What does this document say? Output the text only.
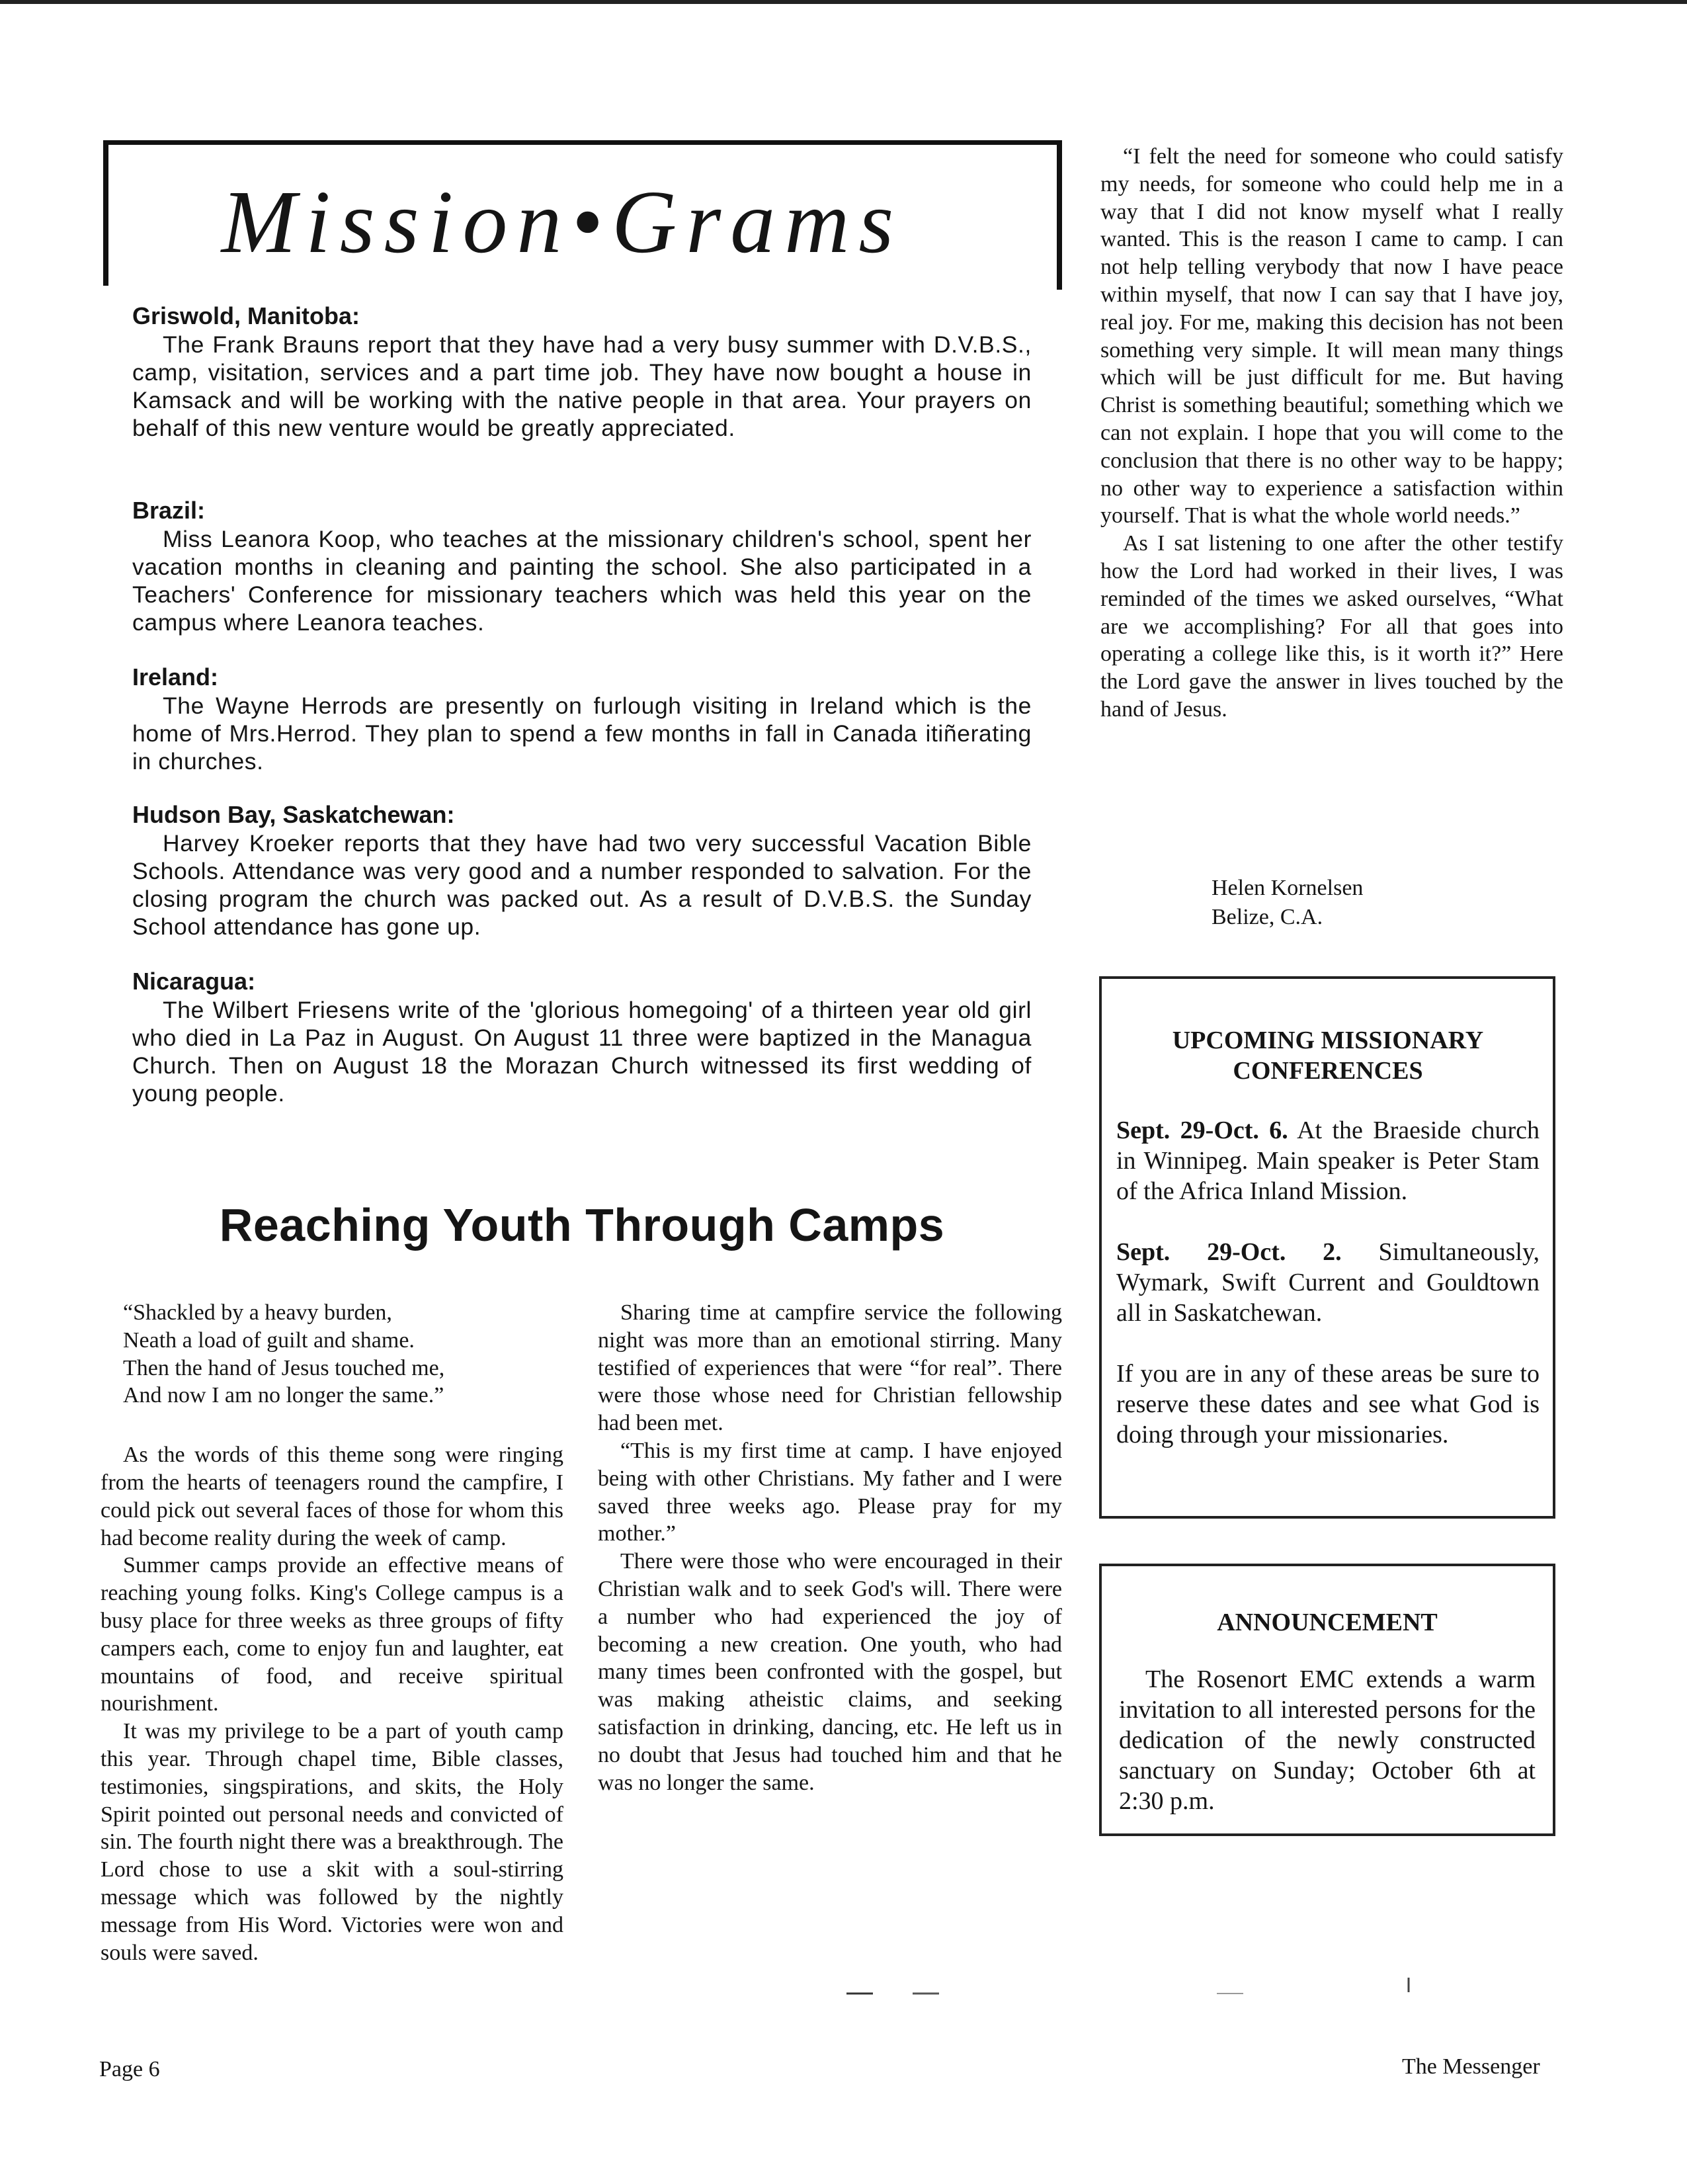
Mission•Grams
Griswold, Manitoba:
The Frank Brauns report that they have had a very busy summer with D.V.B.S., camp, visitation, services and a part time job. They have now bought a house in Kamsack and will be working with the native people in that area. Your prayers on behalf of this new venture would be greatly appreciated.
Brazil:
Miss Leanora Koop, who teaches at the missionary children's school, spent her vacation months in cleaning and painting the school. She also participated in a Teachers' Conference for missionary teachers which was held this year on the campus where Leanora teaches.
Ireland:
The Wayne Herrods are presently on furlough visiting in Ireland which is the home of Mrs.Herrod. They plan to spend a few months in fall in Canada itiñerating in churches.
Hudson Bay, Saskatchewan:
Harvey Kroeker reports that they have had two very successful Vacation Bible Schools. Attendance was very good and a number responded to salvation. For the closing program the church was packed out. As a result of D.V.B.S. the Sunday School attendance has gone up.
Nicaragua:
The Wilbert Friesens write of the 'glorious homegoing' of a thirteen year old girl who died in La Paz in August. On August 11 three were baptized in the Managua Church. Then on August 18 the Morazan Church witnessed its first wedding of young people.

“I felt the need for someone who could satisfy my needs, for someone who could help me in a way that I did not know myself what I really wanted. This is the reason I came to camp. I can not help telling verybody that now I have peace within myself, that now I can say that I have joy, real joy. For me, making this decision has not been something very simple. It will mean many things which will be just difficult for me. But having Christ is something beautiful; something which we can not explain. I hope that you will come to the conclusion that there is no other way to be happy; no other way to experience a satisfaction within yourself. That is what the whole world needs.”

As I sat listening to one after the other testify how the Lord had worked in their lives, I was reminded of the times we asked ourselves, “What are we accomplishing? For all that goes into operating a college like this, is it worth it?” Here the Lord gave the answer in lives touched by the hand of Jesus.

Helen Kornelsen
Belize, C.A.
Reaching Youth Through Camps
“Shackled by a heavy burden,
Neath a load of guilt and shame.
Then the hand of Jesus touched me,
And now I am no longer the same.”

As the words of this theme song were ringing from the hearts of teenagers round the campfire, I could pick out several faces of those for whom this had become reality during the week of camp.

Summer camps provide an effective means of reaching young folks. King's College campus is a busy place for three weeks as three groups of fifty campers each, come to enjoy fun and laughter, eat mountains of food, and receive spiritual nourishment.

It was my privilege to be a part of youth camp this year. Through chapel time, Bible classes, testimonies, singspirations, and skits, the Holy Spirit pointed out personal needs and convicted of sin. The fourth night there was a breakthrough. The Lord chose to use a skit with a soul-stirring message which was followed by the nightly message from His Word. Victories were won and souls were saved.

Sharing time at campfire service the following night was more than an emotional stirring. Many testified of experiences that were “for real”. There were those whose need for Christian fellowship had been met.

“This is my first time at camp. I have enjoyed being with other Christians. My father and I were saved three weeks ago. Please pray for my mother.”

There were those who were encouraged in their Christian walk and to seek God's will. There were a number who had experienced the joy of becoming a new creation. One youth, who had many times been confronted with the gospel, but was making atheistic claims, and seeking satisfaction in drinking, dancing, etc. He left us in no doubt that Jesus had touched him and that he was no longer the same.

UPCOMING MISSIONARY
CONFERENCES

Sept. 29-Oct. 6. At the Braeside church in Winnipeg. Main speaker is Peter Stam of the Africa Inland Mission.

Sept. 29-Oct. 2. Simultaneously, Wymark, Swift Current and Gouldtown all in Saskatchewan.

If you are in any of these areas be sure to reserve these dates and see what God is doing through your missionaries.

ANNOUNCEMENT
The Rosenort EMC extends a warm invitation to all interested persons for the dedication of the newly constructed sanctuary on Sunday; October 6th at 2:30 p.m.
Page 6	The Messenger
